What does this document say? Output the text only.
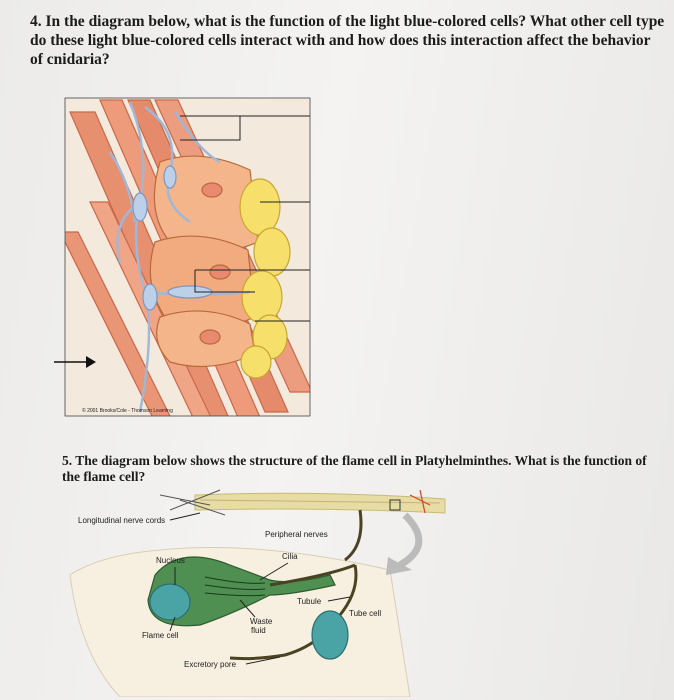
4. In the diagram below, what is the function of the light blue-colored cells? What other cell type do these light blue-colored cells interact with and how does this interaction affect the behavior of cnidaria?
© 2001 Brooks/Cole - Thomson Learning
5. The diagram below shows the structure of the flame cell in Platyhelminthes. What is the function of the flame cell?
Longitudinal nerve cords
Peripheral nerves
Cilia
Nucleus
Tubule
Tube cell
Waste
fluid
Flame cell
Excretory pore
